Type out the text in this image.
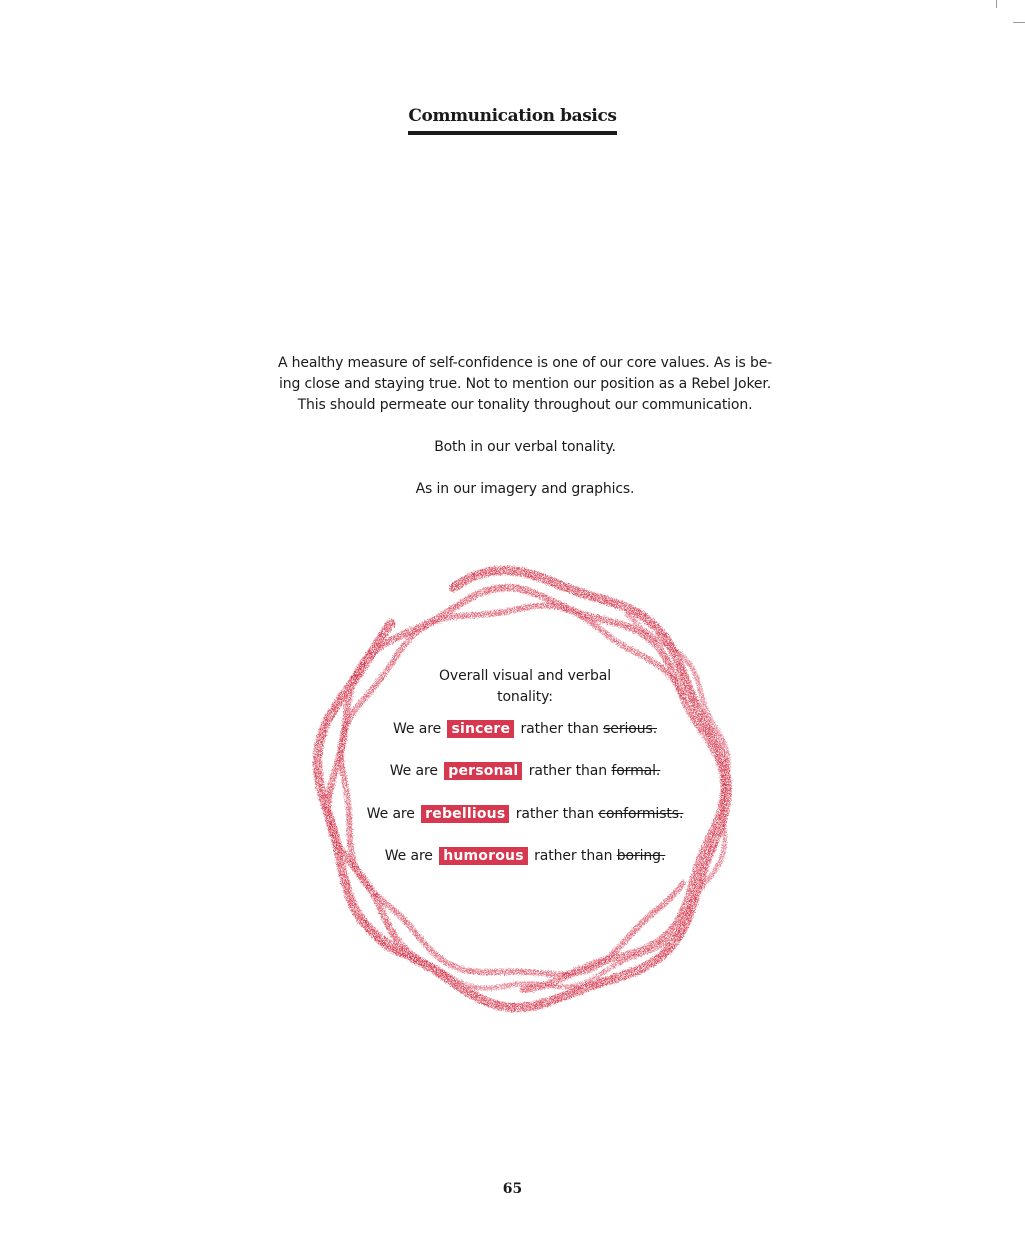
Communication basics

A healthy measure of self-confidence is one of our core values. As is be-

ing close and staying true. Not to mention our position as a Rebel Joker.

This should permeate our tonality throughout our communication.

Both in our verbal tonality.

As in our imagery and graphics.

Overall visual and verbal
tonality:
We are sincere rather than serious.
We are personal rather than formal.
We are rebellious rather than conformists.
We are humorous rather than boring.
65
